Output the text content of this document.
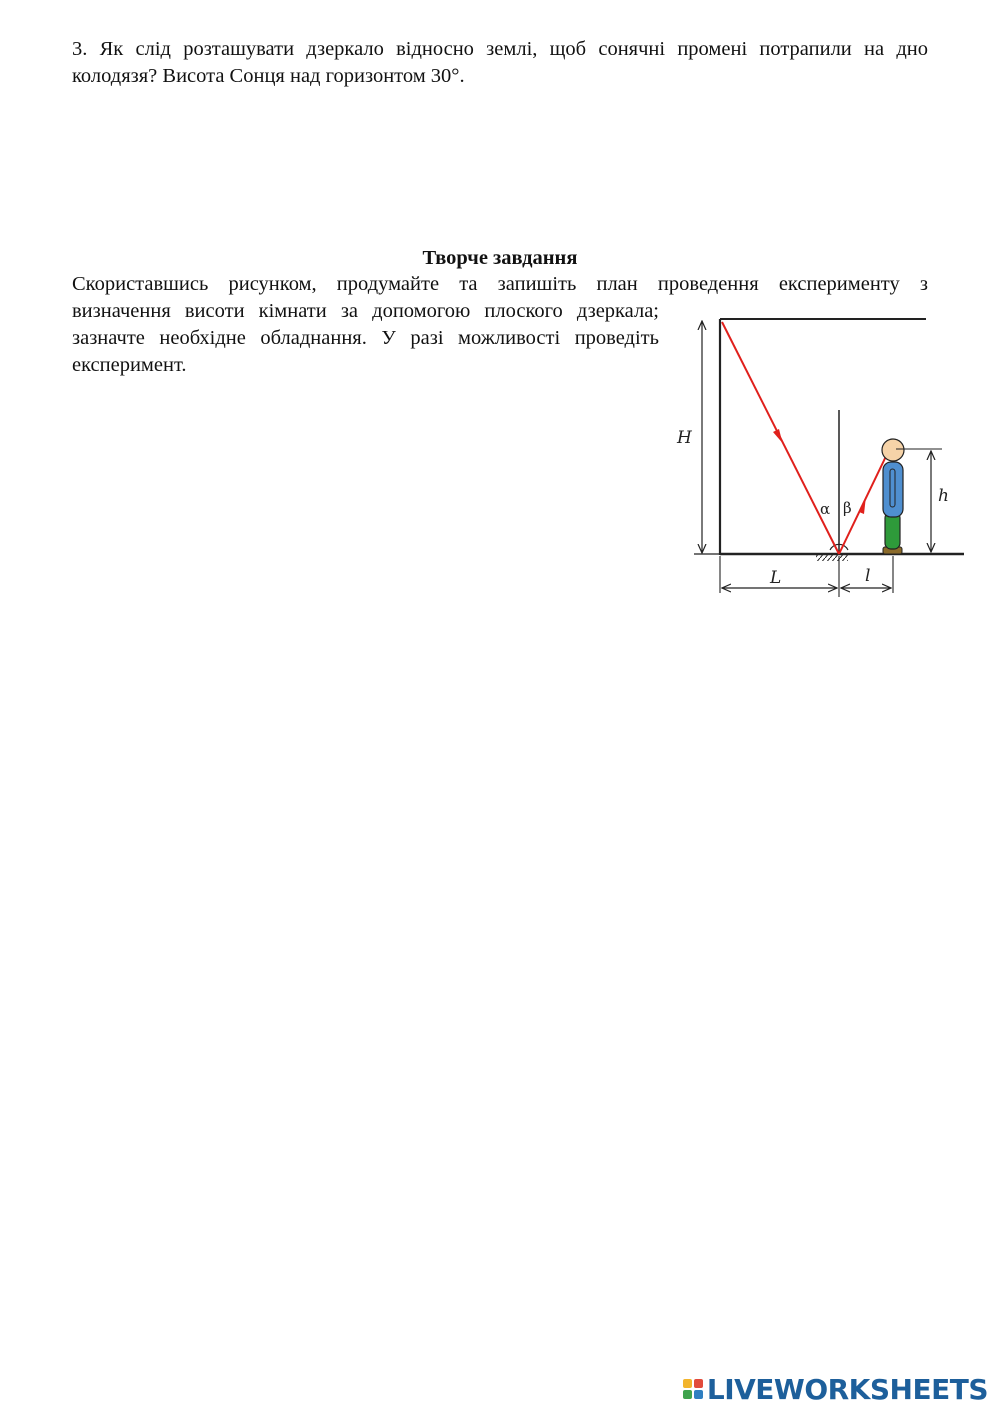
3. Як слід розташувати дзеркало відносно землі, щоб сонячні промені потрапили на дно колодязя? Висота Сонця над горизонтом 30°.
Творче завдання
Скориставшись рисунком, продумайте та запишіть план проведення експерименту з
визначення висоти кімнати за допомогою плоского дзеркала; зазначте необхідне обладнання. У разі можливості проведіть експеримент.
H
α β
h
L	l
LIVEWORKSHEETS
